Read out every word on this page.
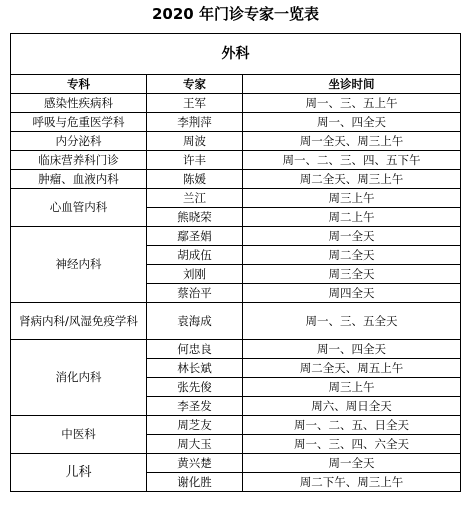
2020 年门诊专家一览表
外科		
专科	专家	坐诊时间
感染性疾病科	王军	周一、三、五上午
呼吸与危重医学科	李荆萍	周一、四全天
内分泌科	周波	周一全天、周三上午
临床营养科门诊	许丰	周一、二、三、四、五下午
肿瘤、血液内科	陈媛	周二全天、周三上午
心血管内科	兰江	周三上午
	熊晓荣	周二上午
神经内科	鄢圣娟	周一全天
	胡成伍	周二全天
	刘刚	周三全天
	蔡治平	周四全天
肾病内科/风湿免疫学科	袁海成	周一、三、五全天
消化内科	何忠良	周一、四全天
	林长斌	周二全天、周五上午
	张先俊	周三上午
	李圣发	周六、周日全天
中医科	周芝友	周一、二、五、日全天
	周大玉	周一、三、四、六全天
儿科	黄兴楚	周一全天
	谢化胜	周二下午、周三上午
